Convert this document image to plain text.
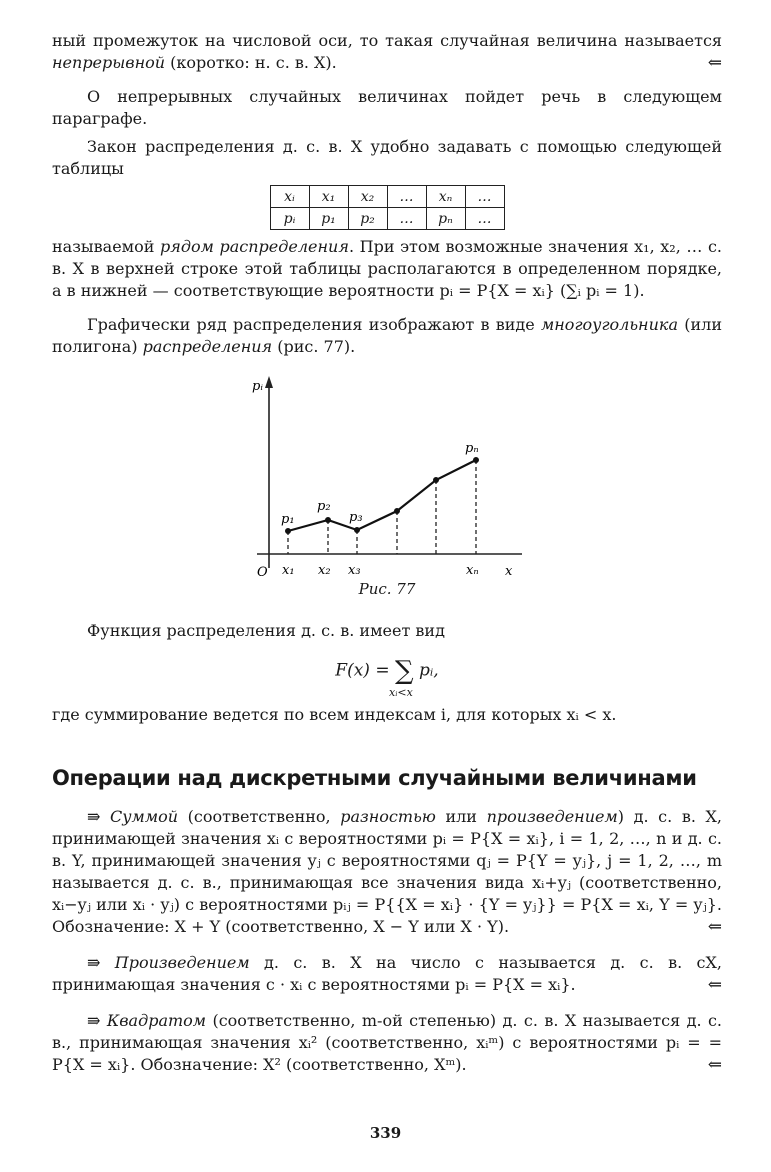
ный промежуток на числовой оси, то такая случайная величина называется непрерывной (коротко: н. с. в. X).	⇐

О непрерывных случайных величинах пойдет речь в следующем параграфе.

Закон распределения д. с. в. X удобно задавать с помощью следующей таблицы

xᵢ	x₁	x₂	…	xₙ	…
pᵢ	p₁	p₂	…	pₙ	…

называемой рядом распределения. При этом возможные значения x₁, x₂, … с. в. X в верхней строке этой таблицы располагаются в определенном порядке, а в нижней — соответствующие вероятности pᵢ = P{X = xᵢ} (∑ᵢ pᵢ = 1).

Графически ряд распределения изображают в виде многоугольника (или полигона) распределения (рис. 77).

pᵢ
x
O
p₁
p₂
p₃
pₙ
x₁ x₂ x₃	xₙ

Рис. 77

Функция распределения д. с. в. имеет вид

F(x) = ∑
xᵢ<x
pᵢ,

где суммирование ведется по всем индексам i, для которых xᵢ < x.

Операции над дискретными случайными величинами

⇛ Суммой (соответственно, разностью или произведением) д. с. в. X, принимающей значения xᵢ с вероятностями pᵢ = P{X = xᵢ}, i = 1, 2, …, n и д. с. в. Y, принимающей значения yⱼ с вероятностями qⱼ = P{Y = yⱼ}, j = 1, 2, …, m называется д. с. в., принимающая все значения вида xᵢ+yⱼ (соответственно, xᵢ−yⱼ или xᵢ · yⱼ) с вероятностями pᵢⱼ = P{{X = xᵢ} · {Y = yⱼ}} = P{X = xᵢ, Y = yⱼ}. Обозначение: X + Y (соответственно, X − Y или X · Y).	⇐

⇛ Произведением д. с. в. X на число c называется д. с. в. cX, принимающая значения c · xᵢ с вероятностями pᵢ = P{X = xᵢ}.	⇐

⇛ Квадратом (соответственно, m-ой степенью) д. с. в. X называется д. с. в., принимающая значения xᵢ² (соответственно, xᵢᵐ) с вероятностями pᵢ = = P{X = xᵢ}. Обозначение: X² (соответственно, Xᵐ).	⇐

339
